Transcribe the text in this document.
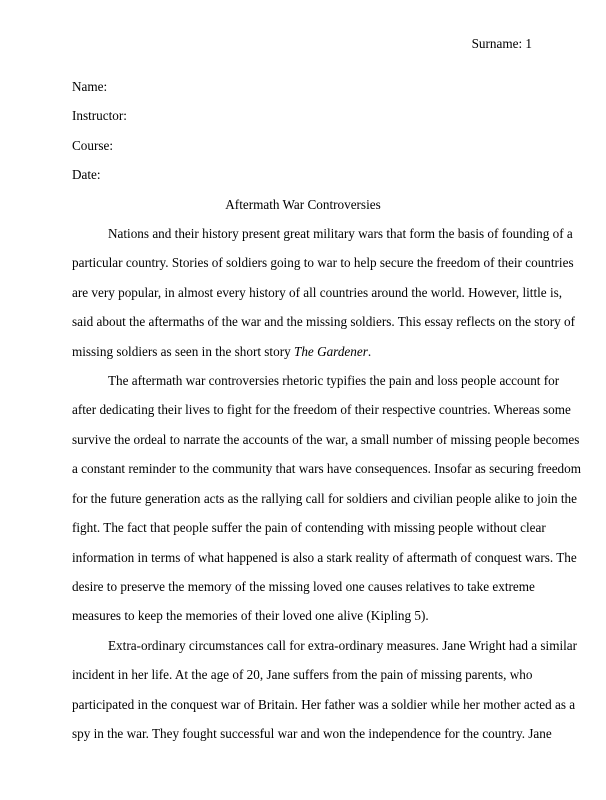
Surname: 1

Name:

Instructor:

Course:

Date:

Aftermath War Controversies

Nations and their history present great military wars that form the basis of founding of a
particular country. Stories of soldiers going to war to help secure the freedom of their countries
are very popular, in almost every history of all countries around the world. However, little is,
said about the aftermaths of the war and the missing soldiers. This essay reflects on the story of
missing soldiers as seen in the short story The Gardener.

The aftermath war controversies rhetoric typifies the pain and loss people account for
after dedicating their lives to fight for the freedom of their respective countries. Whereas some
survive the ordeal to narrate the accounts of the war, a small number of missing people becomes
a constant reminder to the community that wars have consequences. Insofar as securing freedom
for the future generation acts as the rallying call for soldiers and civilian people alike to join the
fight. The fact that people suffer the pain of contending with missing people without clear
information in terms of what happened is also a stark reality of aftermath of conquest wars. The
desire to preserve the memory of the missing loved one causes relatives to take extreme
measures to keep the memories of their loved one alive (Kipling 5).

Extra-ordinary circumstances call for extra-ordinary measures. Jane Wright had a similar
incident in her life. At the age of 20, Jane suffers from the pain of missing parents, who
participated in the conquest war of Britain. Her father was a soldier while her mother acted as a
spy in the war. They fought successful war and won the independence for the country. Jane
